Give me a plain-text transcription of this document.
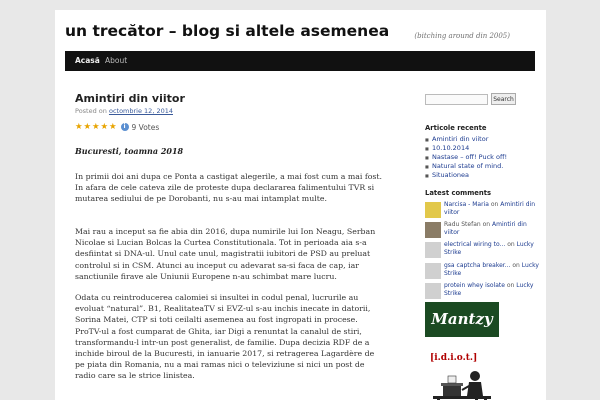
un trecător – blog si altele asemenea	(bitching around din 2005)
Acasă About
Amintiri din viitor
Posted on octombrie 12, 2014
★ ★ ★ ★ ★	i 9 Votes
Bucuresti, toamna 2018
In primii doi ani dupa ce Ponta a castigat alegerile, a mai fost cum a mai fost. In afara de cele cateva zile de proteste dupa declararea falimentului TVR si mutarea sediului de pe Dorobanti, nu s-au mai intamplat multe.
Mai rau a inceput sa fie abia din 2016, dupa numirile lui Ion Neagu, Serban Nicolae si Lucian Bolcas la Curtea Constitutionala. Tot in perioada aia s-a desfiintat si DNA-ul. Unul cate unul, magistratii iubitori de PSD au preluat controlul si in CSM. Atunci au inceput cu adevarat sa-si faca de cap, iar sanctiunile firave ale Uniunii Europene n-au schimbat mare lucru.
Odata cu reintroducerea calomiei si insultei in codul penal, lucrurile au evoluat “natural”. B1, RealitateaTV si EVZ-ul s-au inchis inecate in datorii, Sorina Matei, CTP si toti ceilalti asemenea au fost ingropati in procese. ProTV-ul a fost cumparat de Ghita, iar Digi a renuntat la canalul de stiri, transformandu-l intr-un post generalist, de familie. Dupa decizia RDF de a inchide biroul de la Bucuresti, in ianuarie 2017, si retragerea Lagardère de pe piata din Romania, nu a mai ramas nici o televiziune si nici un post de radio care sa le strice linistea.
Search
Articole recente
■ Amintiri din viitor
■ 10.10.2014
■ Nastase – off! Puck off!
■ Natural state of mind.
■ Situationea
Latest comments
Narcisa - Maria on Amintiri din viitor
Radu Stefan on Amintiri din viitor
electrical wiring to... on Lucky Strike
gsa captcha breaker... on Lucky Strike
protein whey isolate on Lucky Strike
Mantzy
[i.d.i.o.t.]
